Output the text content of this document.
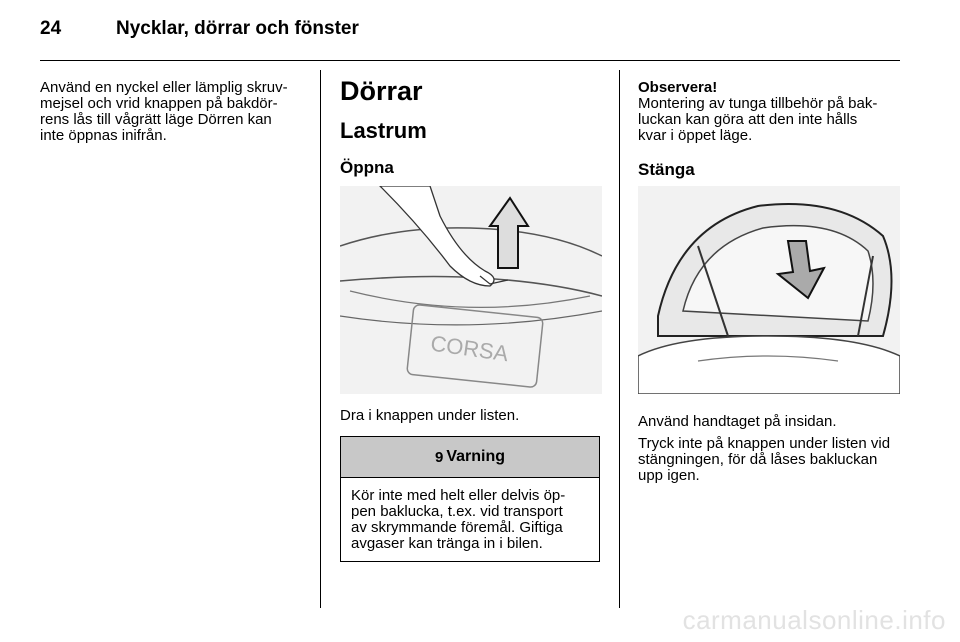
24	Nycklar, dörrar och fönster

Använd en nyckel eller lämplig skruv-
mejsel och vrid knappen på bakdör-
rens lås till vågrätt läge Dörren kan
inte öppnas inifrån.

Dörrar
Lastrum
Öppna
CORSA

Dra i knappen under listen.

9 Varning
Kör inte med helt eller delvis öp-
pen baklucka, t.ex. vid transport
av skrymmande föremål. Giftiga
avgaser kan tränga in i bilen.

Observera!
Montering av tunga tillbehör på bak-
luckan kan göra att den inte hålls
kvar i öppet läge.

Stänga

Använd handtaget på insidan.

Tryck inte på knappen under listen vid
stängningen, för då låses bakluckan
upp igen.

carmanualsonline.info
